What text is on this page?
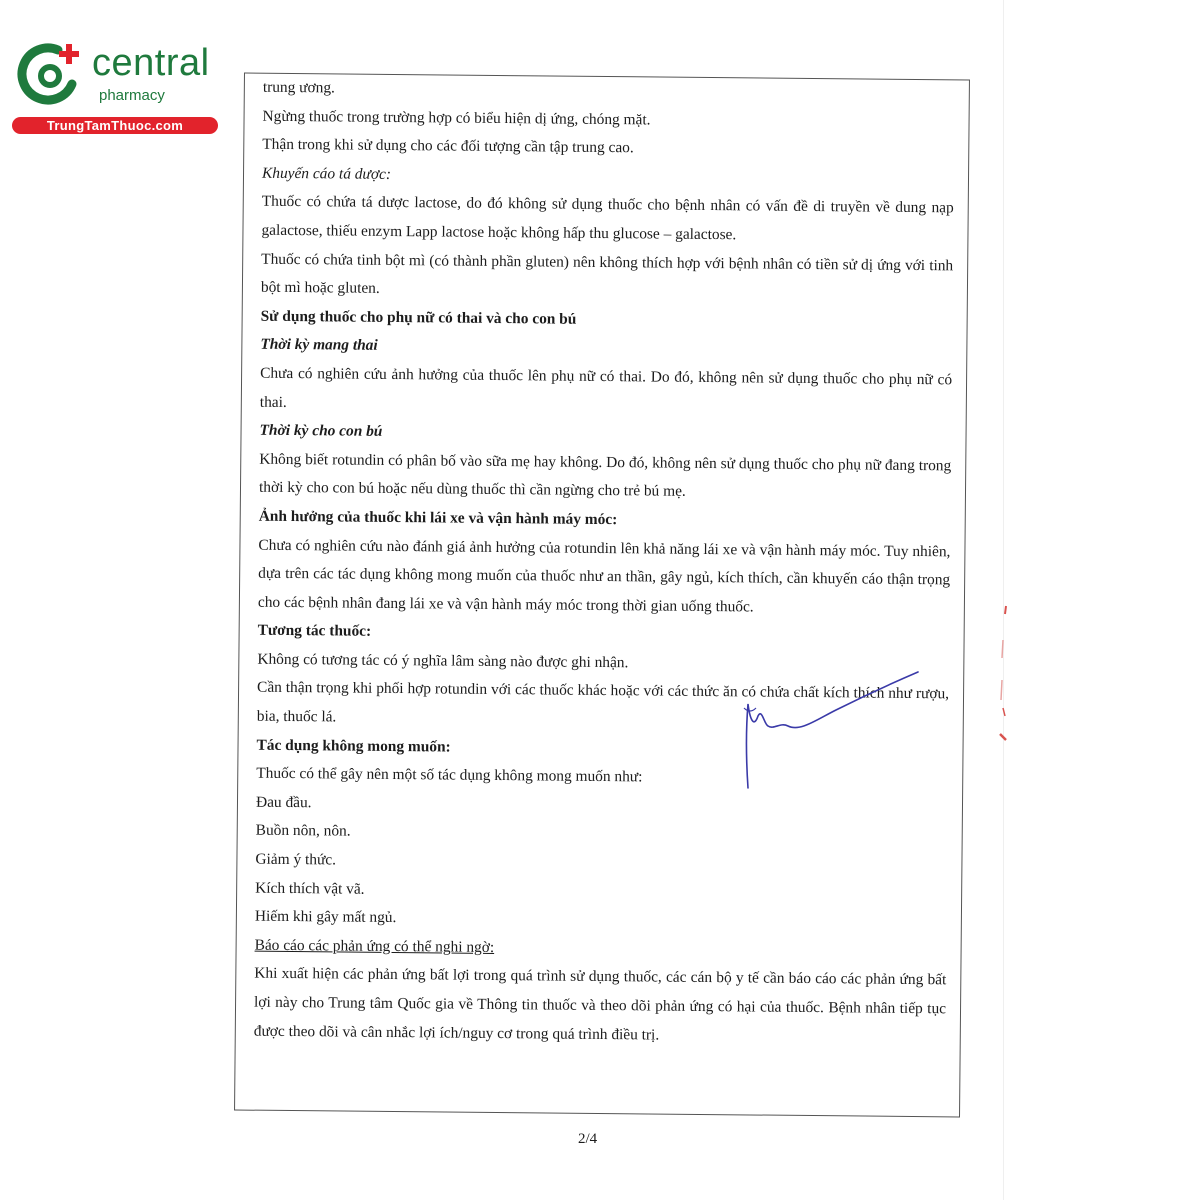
central
pharmacy
TrungTamThuoc.com

trung ương.

Ngừng thuốc trong trường hợp có biểu hiện dị ứng, chóng mặt.

Thận trong khi sử dụng cho các đối tượng cần tập trung cao.

Khuyến cáo tá dược:

Thuốc có chứa tá dược lactose, do đó không sử dụng thuốc cho bệnh nhân có vấn đề di truyền về dung nạp galactose, thiếu enzym Lapp lactose hoặc không hấp thu glucose – galactose.

Thuốc có chứa tinh bột mì (có thành phần gluten) nên không thích hợp với bệnh nhân có tiền sử dị ứng với tinh bột mì hoặc gluten.

Sử dụng thuốc cho phụ nữ có thai và cho con bú

Thời kỳ mang thai

Chưa có nghiên cứu ảnh hưởng của thuốc lên phụ nữ có thai. Do đó, không nên sử dụng thuốc cho phụ nữ có thai.

Thời kỳ cho con bú

Không biết rotundin có phân bố vào sữa mẹ hay không. Do đó, không nên sử dụng thuốc cho phụ nữ đang trong thời kỳ cho con bú hoặc nếu dùng thuốc thì cần ngừng cho trẻ bú mẹ.

Ảnh hưởng của thuốc khi lái xe và vận hành máy móc:

Chưa có nghiên cứu nào đánh giá ảnh hưởng của rotundin lên khả năng lái xe và vận hành máy móc. Tuy nhiên, dựa trên các tác dụng không mong muốn của thuốc như an thần, gây ngủ, kích thích, cần khuyến cáo thận trọng cho các bệnh nhân đang lái xe và vận hành máy móc trong thời gian uống thuốc.

Tương tác thuốc:

Không có tương tác có ý nghĩa lâm sàng nào được ghi nhận.

Cần thận trọng khi phối hợp rotundin với các thuốc khác hoặc với các thức ăn có chứa chất kích thích như rượu, bia, thuốc lá.

Tác dụng không mong muốn:

Thuốc có thể gây nên một số tác dụng không mong muốn như:

Đau đầu.

Buồn nôn, nôn.

Giảm ý thức.

Kích thích vật vã.

Hiếm khi gây mất ngủ.

Báo cáo các phản ứng có thể nghi ngờ:

Khi xuất hiện các phản ứng bất lợi trong quá trình sử dụng thuốc, các cán bộ y tế cần báo cáo các phản ứng bất lợi này cho Trung tâm Quốc gia về Thông tin thuốc và theo dõi phản ứng có hại của thuốc. Bệnh nhân tiếp tục được theo dõi và cân nhắc lợi ích/nguy cơ trong quá trình điều trị.

2/4
